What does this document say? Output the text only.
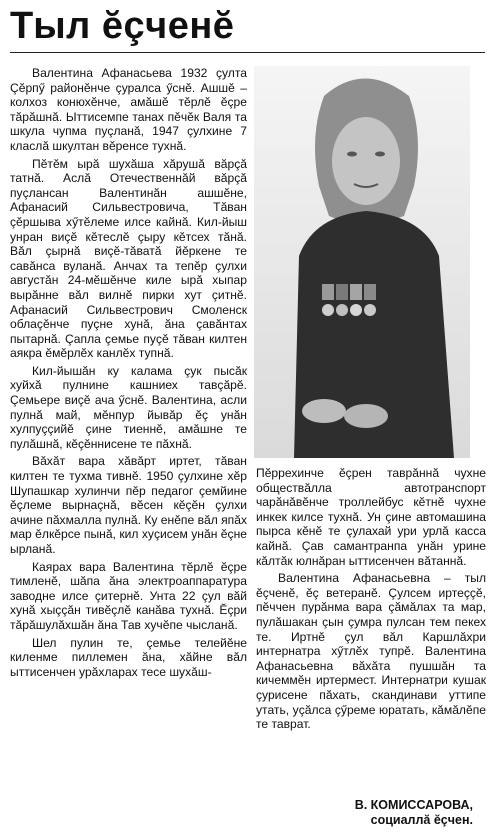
Тыл ĕçченĕ

Валентина Афанасьева 1932 çулта Çĕрпӳ районĕнче çуралса ӳснĕ. Ашшĕ – колхоз конюхĕнче, амăшĕ тĕрлĕ ĕçре тăрăшнă. Ыттисемпе танах пĕчĕк Валя та шкула чупма пуçланă, 1947 çулхине 7 класлă шкултан вĕренсе тухнă.

Пĕтĕм ырă шухăша хăрушă вăрçă татнă. Аслă Отечественнăй вăрçă пуçлансан Валентинăн ашшĕне, Афанасий Сильвестровича, Тăван çĕршыва хӳтĕлеме илсе кайнă. Кил-йыш унран виçĕ кĕтеслĕ çыру кĕтсех тăнă. Вăл çырнă виçĕ-тăватă йĕркене те савăнса вуланă. Анчах та тепĕр çулхи августăн 24-мĕшĕнче киле ырă хыпар вырăнне вăл вилнĕ пирки хут çитнĕ. Афанасий Сильвестрович Смоленск облаçĕнче пуçне хунă, ăна çавăнтах пытарнă. Çапла çемье пуçĕ тăван килтен аякра ĕмĕрлĕх канлĕх тупнă.

Кил-йышăн ку калама çук пысăк хуйхă пулнине кашниех тавçăрĕ. Çемьере виçĕ ача ӳснĕ. Валентина, асли пулнă май, мĕнпур йывăр ĕç унăн хулпуççийĕ çине тиеннĕ, амăшне те пулăшнă, кĕçĕннисене те пăхнă.

Вăхăт вара хăвăрт иртет, тăван килтен те тухма тивнĕ. 1950 çулхине хĕр Шупашкар хулинчи пĕр педагог çемйине ĕçлеме вырнаçнă, вĕсен кĕçĕн çулхи ачине пăхмалла пулнă. Ку енĕпе вăл япăх мар ĕлкĕрсе пынă, кил хуçисем унăн ĕçне ырланă.

Каярах вара Валентина тĕрлĕ ĕçре тимленĕ, шăпа ăна электроаппаратура заводне илсе çитернĕ. Унта 22 çул вăй хунă хыççăн тивĕçлĕ канăва тухнă. Ĕçри тăрăшулăхшăн ăна Тав хучĕпе чысланă.

Шел пулин те, çемье телейĕне киленме пиллемен ăна, хăйне вăл ыттисенчен урăхларах тесе шухăш-

Пĕррехинче ĕçрен таврăннă чухне обществăлла автотранспорт чарăнăвĕнче троллейбус кĕтнĕ чухне инкек килсе тухнă. Ун çине автомашина пырса кĕнĕ те çулахай ури урлă касса кайнă. Çав самантранпа унăн урине кăлтăк юлнăран ыттисенчен вăтаннă.

Валентина Афанасьевна – тыл ĕçченĕ, ĕç ветеранĕ. Çулсем иртеççĕ, пĕччен пурăнма вара çăмăлах та мар, пулăшакан çын çумра пулсан тем пекех те. Иртнĕ çул вăл Каршлăхри интернатра хӳтлĕх тупрĕ. Валентина Афанасьевна вăхăта пушшăн та кичеммĕн иртермест. Интернатри кушак çурисене пăхать, скандинави уттипе утать, уçăлса çӳреме юратать, кăмăлĕпе те таврат.

В. КОМИССАРОВА,
социаллă ĕçчен.
